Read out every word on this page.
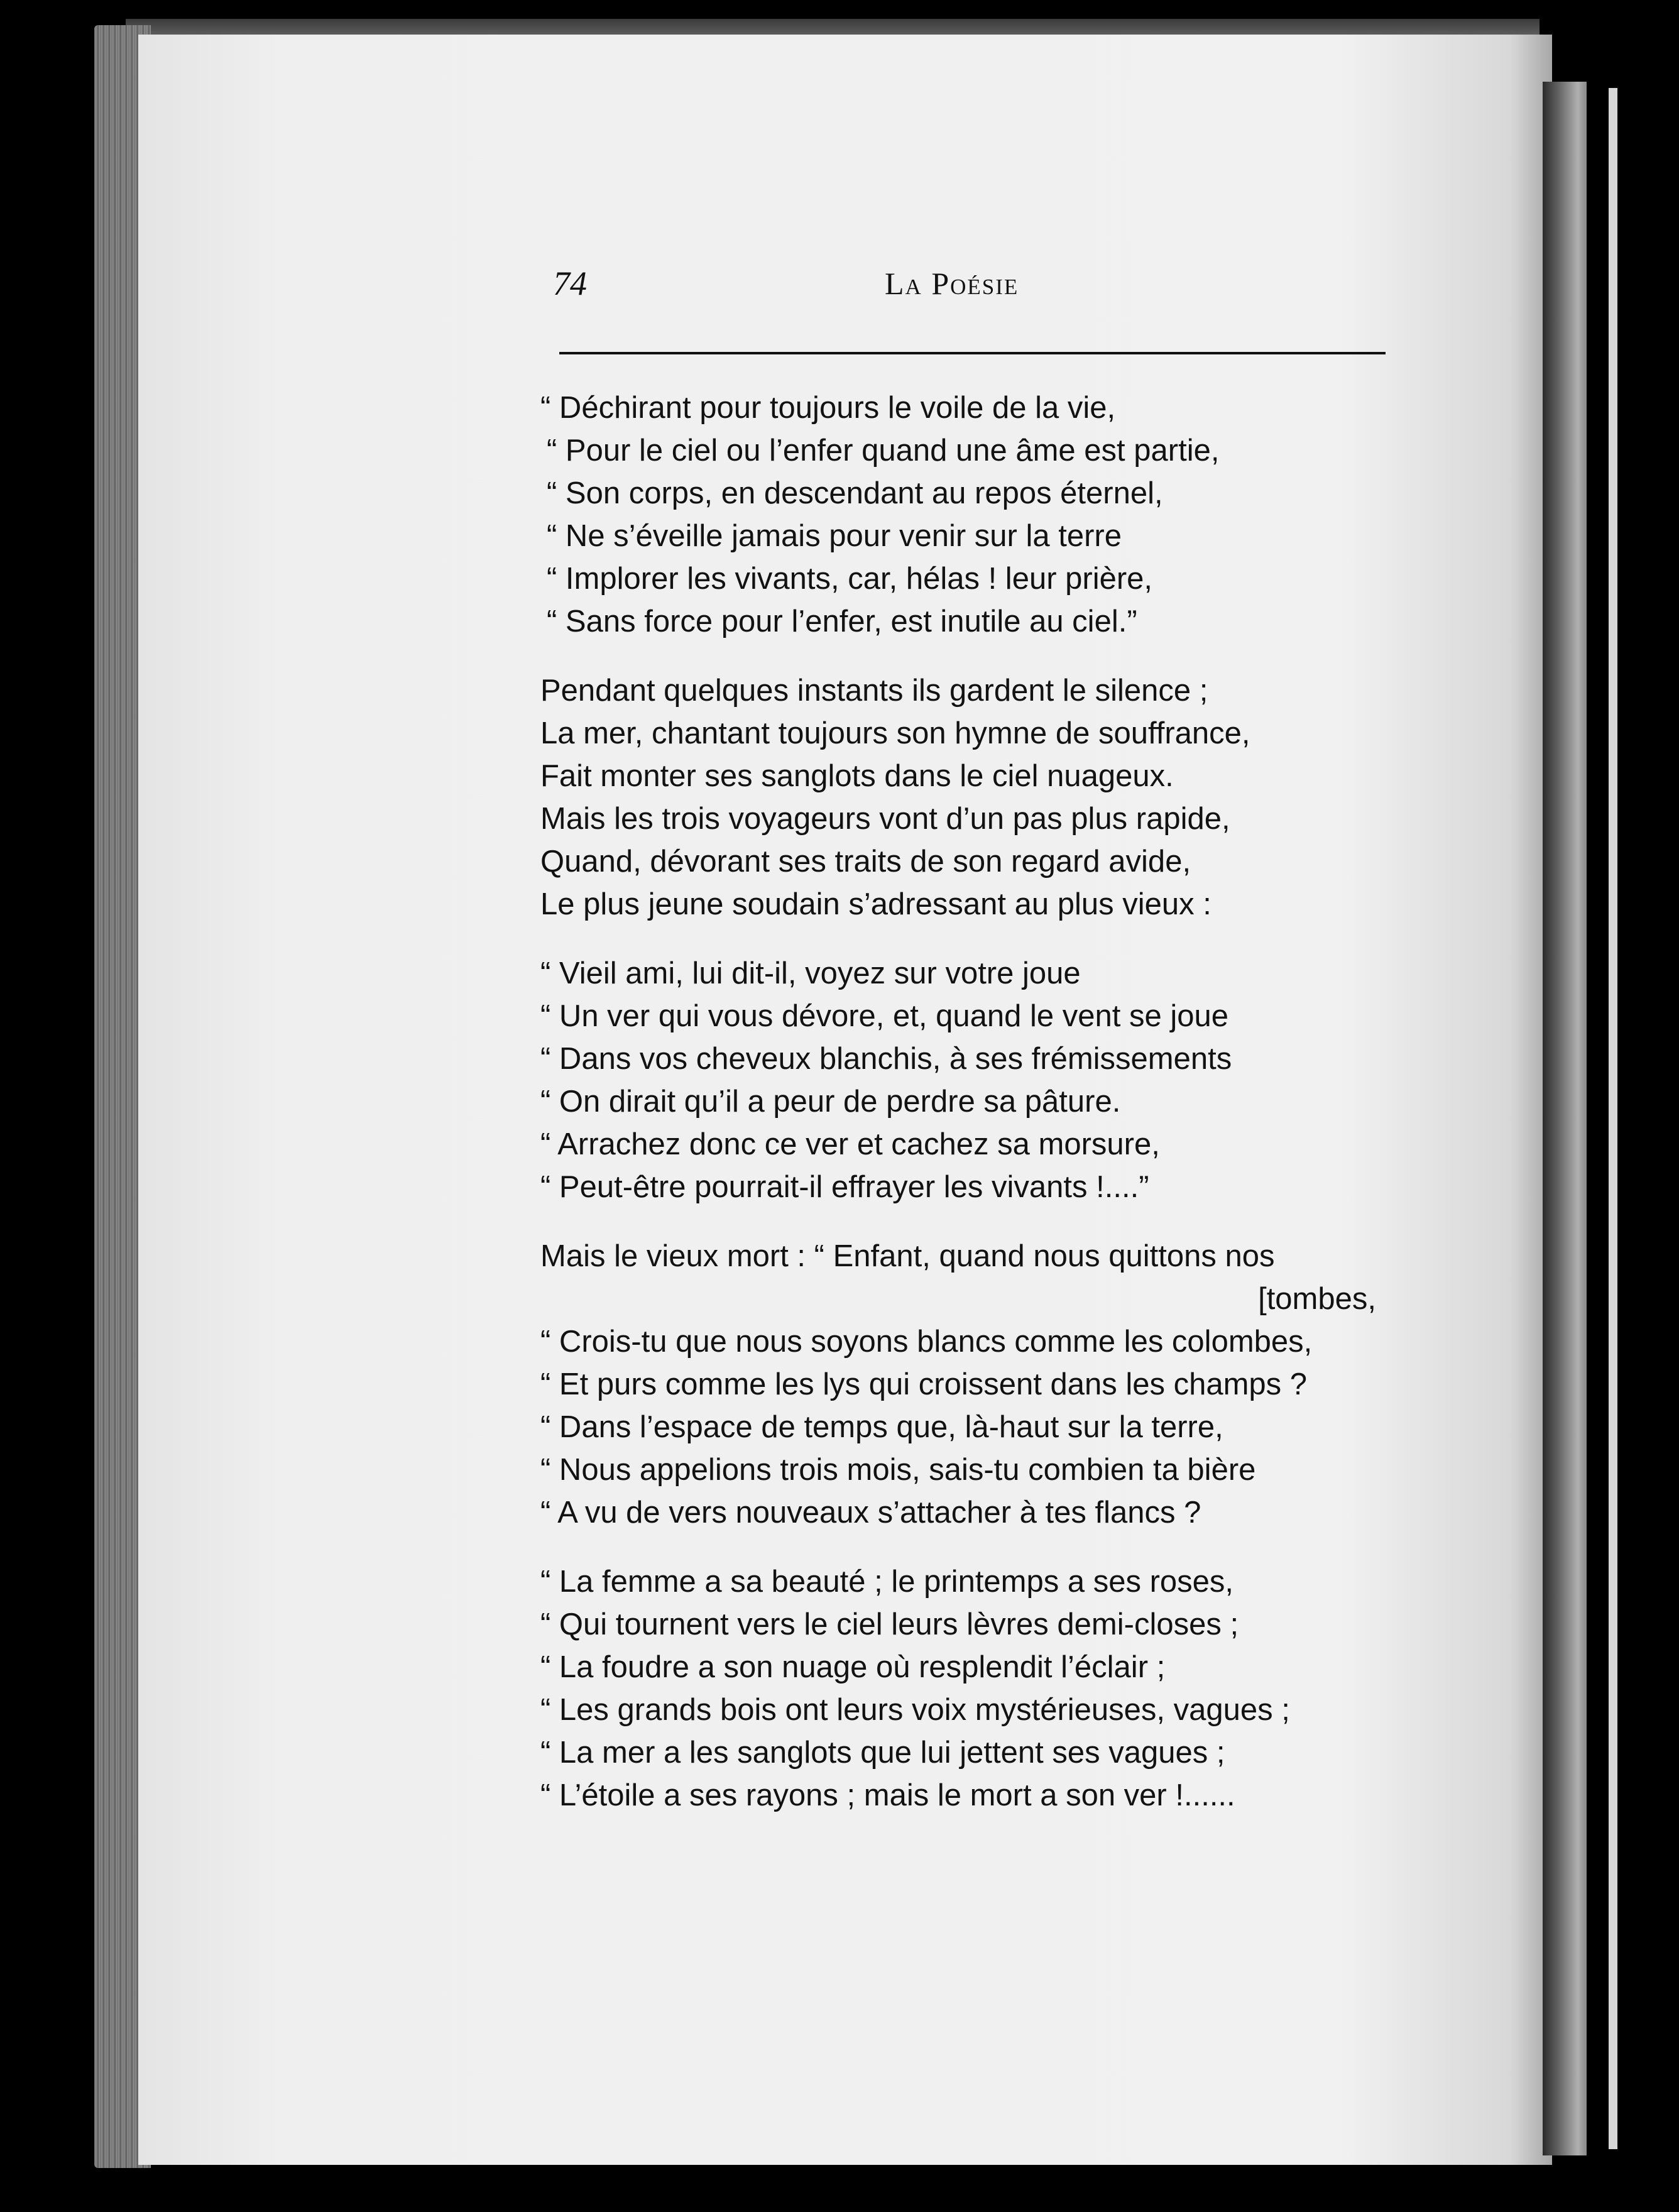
74	La Poésie
“ Déchirant pour toujours le voile de la vie,
“ Pour le ciel ou l’enfer quand une âme est partie,
“ Son corps, en descendant au repos éternel,
“ Ne s’éveille jamais pour venir sur la terre
“ Implorer les vivants, car, hélas ! leur prière,
“ Sans force pour l’enfer, est inutile au ciel.”
Pendant quelques instants ils gardent le silence ;
La mer, chantant toujours son hymne de souffrance,
Fait monter ses sanglots dans le ciel nuageux.
Mais les trois voyageurs vont d’un pas plus rapide,
Quand, dévorant ses traits de son regard avide,
Le plus jeune soudain s’adressant au plus vieux :
“ Vieil ami, lui dit-il, voyez sur votre joue
“ Un ver qui vous dévore, et, quand le vent se joue
“ Dans vos cheveux blanchis, à ses frémissements
“ On dirait qu’il a peur de perdre sa pâture.
“ Arrachez donc ce ver et cachez sa morsure,
“ Peut-être pourrait-il effrayer les vivants !....”
Mais le vieux mort : “ Enfant, quand nous quittons nos
[tombes,
“ Crois-tu que nous soyons blancs comme les colombes,
“ Et purs comme les lys qui croissent dans les champs ?
“ Dans l’espace de temps que, là-haut sur la terre,
“ Nous appelions trois mois, sais-tu combien ta bière
“ A vu de vers nouveaux s’attacher à tes flancs ?
“ La femme a sa beauté ; le printemps a ses roses,
“ Qui tournent vers le ciel leurs lèvres demi-closes ;
“ La foudre a son nuage où resplendit l’éclair ;
“ Les grands bois ont leurs voix mystérieuses, vagues ;
“ La mer a les sanglots que lui jettent ses vagues ;
“ L’étoile a ses rayons ; mais le mort a son ver !......
